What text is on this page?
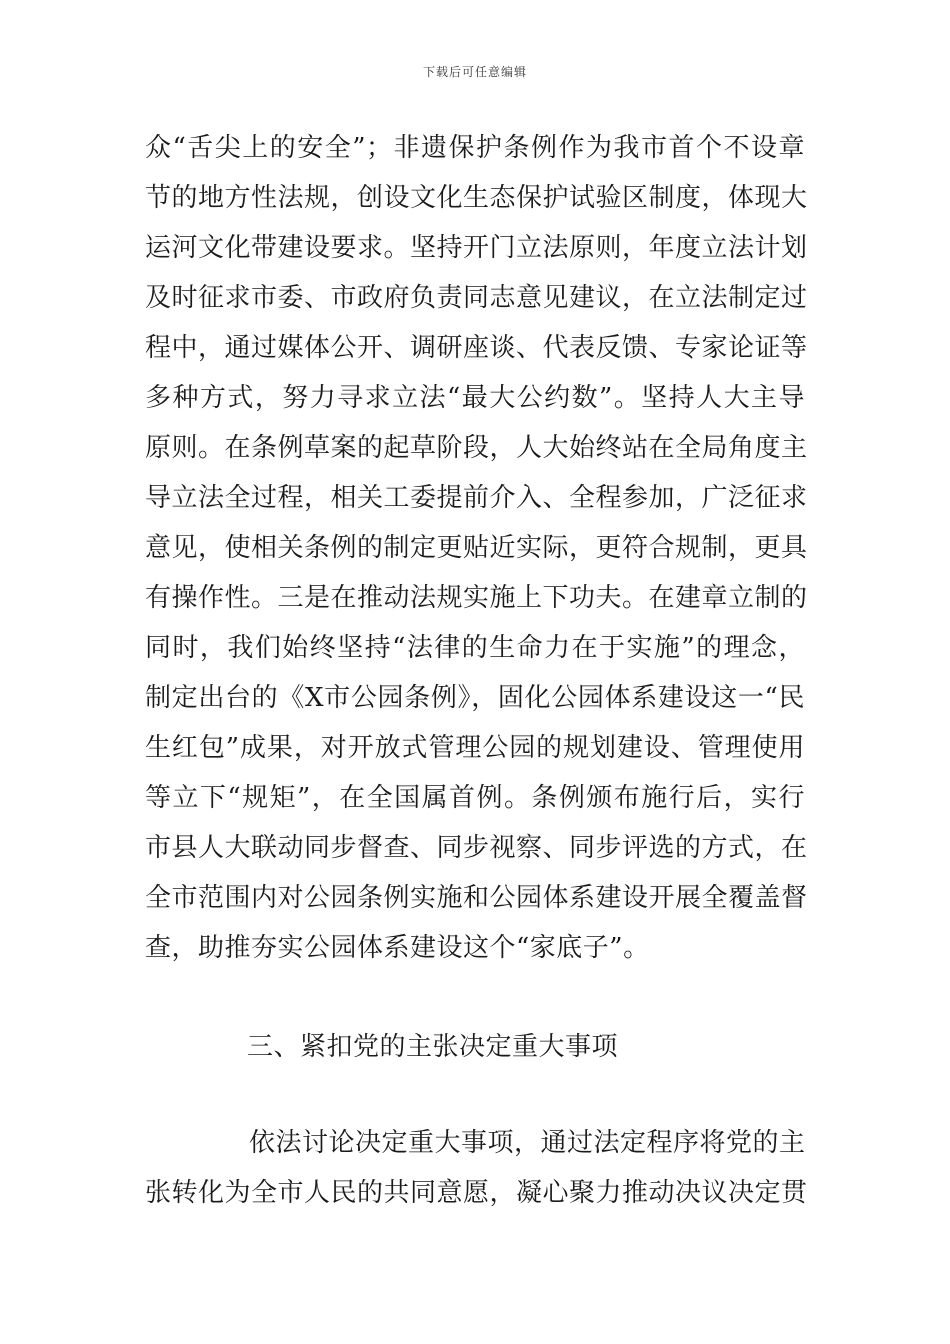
下载后可任意编辑
众“舌尖上的安全”；非遗保护条例作为我市首个不设章
节的地方性法规，创设文化生态保护试验区制度，体现大
运河文化带建设要求。坚持开门立法原则，年度立法计划
及时征求市委、市政府负责同志意见建议，在立法制定过
程中，通过媒体公开、调研座谈、代表反馈、专家论证等
多种方式，努力寻求立法“最大公约数”。坚持人大主导
原则。在条例草案的起草阶段，人大始终站在全局角度主
导立法全过程，相关工委提前介入、全程参加，广泛征求
意见，使相关条例的制定更贴近实际，更符合规制，更具
有操作性。三是在推动法规实施上下功夫。在建章立制的
同时，我们始终坚持“法律的生命力在于实施”的理念，
制定出台的《X市公园条例》，固化公园体系建设这一“民
生红包”成果，对开放式管理公园的规划建设、管理使用
等立下“规矩”，在全国属首例。条例颁布施行后，实行
市县人大联动同步督查、同步视察、同步评选的方式，在
全市范围内对公园条例实施和公园体系建设开展全覆盖督
查，助推夯实公园体系建设这个“家底子”。
三、紧扣党的主张决定重大事项
依法讨论决定重大事项，通过法定程序将党的主
张转化为全市人民的共同意愿，凝心聚力推动决议决定贯
